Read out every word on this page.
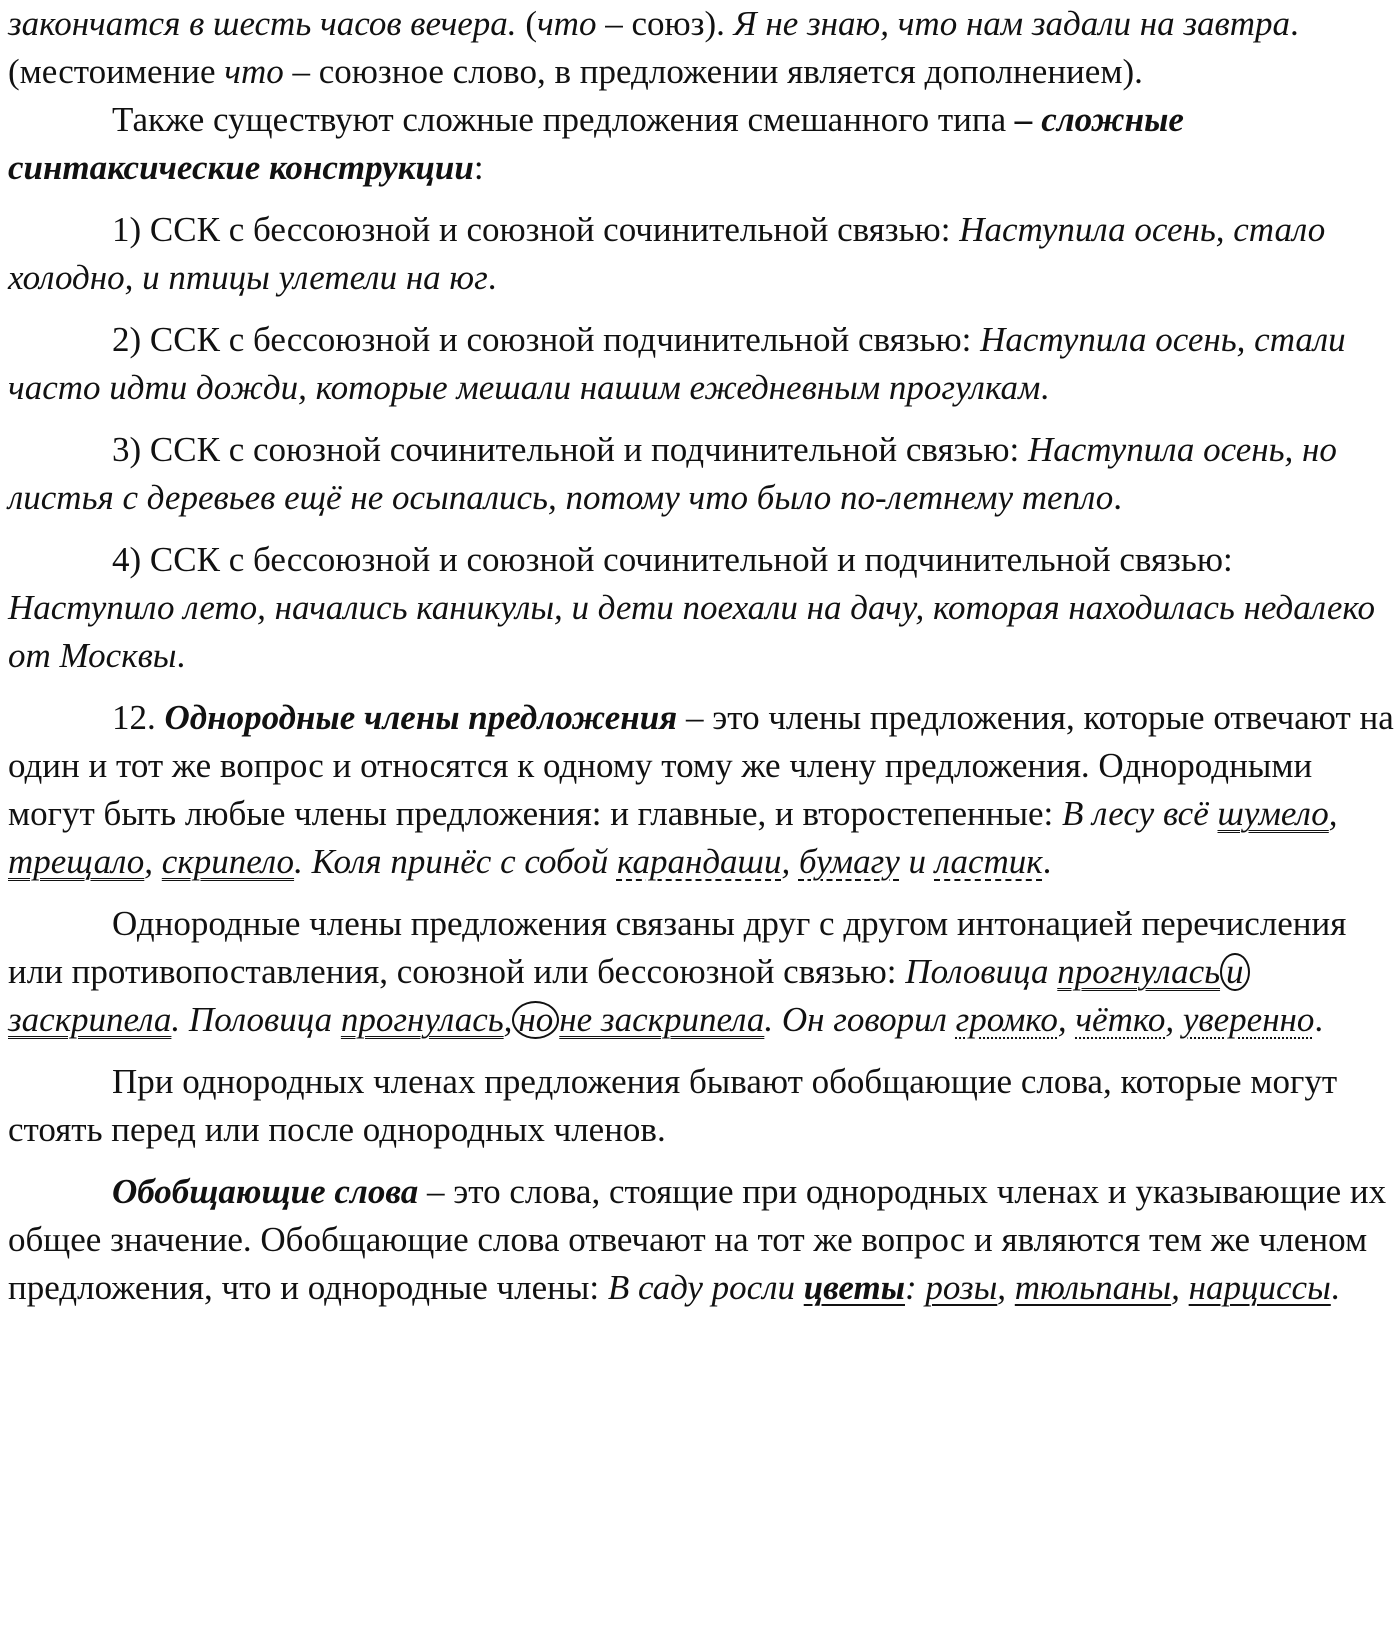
закончатся в шесть часов вечера. (что – союз). Я не знаю, что нам задали на завтра. (местоимение что – союзное слово, в предложении является дополнением).

Также существуют сложные предложения смешанного типа – сложные синтаксические конструкции:

1) ССК с бессоюзной и союзной сочинительной связью: Наступила осень, стало холодно, и птицы улетели на юг.

2) ССК с бессоюзной и союзной подчинительной связью: Наступила осень, стали часто идти дожди, которые мешали нашим ежедневным прогулкам.

3) ССК с союзной сочинительной и подчинительной связью: Наступила осень, но листья с деревьев ещё не осыпались, потому что было по-летнему тепло.

4) ССК с бессоюзной и союзной сочинительной и подчинительной связью: Наступило лето, начались каникулы, и дети поехали на дачу, которая находилась недалеко от Москвы.

12. Однородные члены предложения – это члены предложения, которые отвечают на один и тот же вопрос и относятся к одному тому же члену предложения. Однородными могут быть любые члены предложения: и главные, и второстепенные: В лесу всё шумело, трещало, скрипело. Коля принёс с собой карандаши, бумагу и ластик.

Однородные члены предложения связаны друг с другом интонацией перечисления или противопоставления, союзной или бессоюзной связью: Половица прогнулась изаскрипела. Половица прогнулась, но не заскрипела. Он говорил громко, чётко, уверенно.

При однородных членах предложения бывают обобщающие слова, которые могут стоять перед или после однородных членов.

Обобщающие слова – это слова, стоящие при однородных членах и указывающие их общее значение. Обобщающие слова отвечают на тот же вопрос и являются тем же членом предложения, что и однородные члены: В саду росли цветы: розы, тюльпаны, нарциссы.
